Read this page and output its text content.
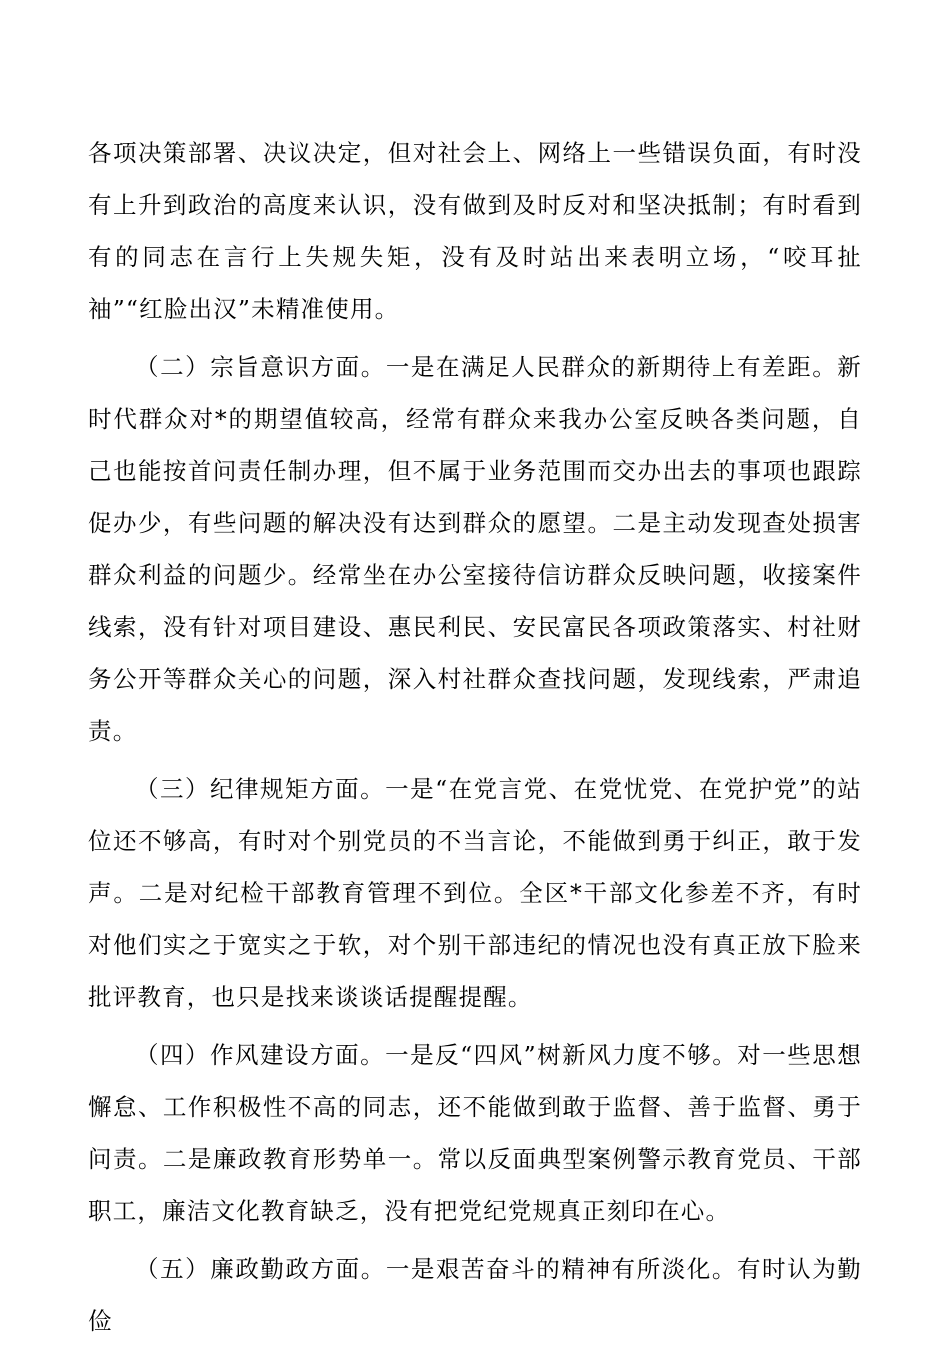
各项决策部署、决议决定，但对社会上、网络上一些错误负面，有时没有上升到政治的高度来认识，没有做到及时反对和坚决抵制；有时看到有的同志在言行上失规失矩，没有及时站出来表明立场，“咬耳扯袖”“红脸出汉”未精准使用。

（二）宗旨意识方面。一是在满足人民群众的新期待上有差距。新时代群众对*的期望值较高，经常有群众来我办公室反映各类问题，自己也能按首问责任制办理，但不属于业务范围而交办出去的事项也跟踪促办少，有些问题的解决没有达到群众的愿望。二是主动发现查处损害群众利益的问题少。经常坐在办公室接待信访群众反映问题，收接案件线索，没有针对项目建设、惠民利民、安民富民各项政策落实、村社财务公开等群众关心的问题，深入村社群众查找问题，发现线索，严肃追责。

（三）纪律规矩方面。一是“在党言党、在党忧党、在党护党”的站位还不够高，有时对个别党员的不当言论，不能做到勇于纠正，敢于发声。二是对纪检干部教育管理不到位。全区*干部文化参差不齐，有时对他们实之于宽实之于软，对个别干部违纪的情况也没有真正放下脸来批评教育，也只是找来谈谈话提醒提醒。

（四）作风建设方面。一是反“四风”树新风力度不够。对一些思想懈怠、工作积极性不高的同志，还不能做到敢于监督、善于监督、勇于问责。二是廉政教育形势单一。常以反面典型案例警示教育党员、干部职工，廉洁文化教育缺乏，没有把党纪党规真正刻印在心。

（五）廉政勤政方面。一是艰苦奋斗的精神有所淡化。有时认为勤俭
